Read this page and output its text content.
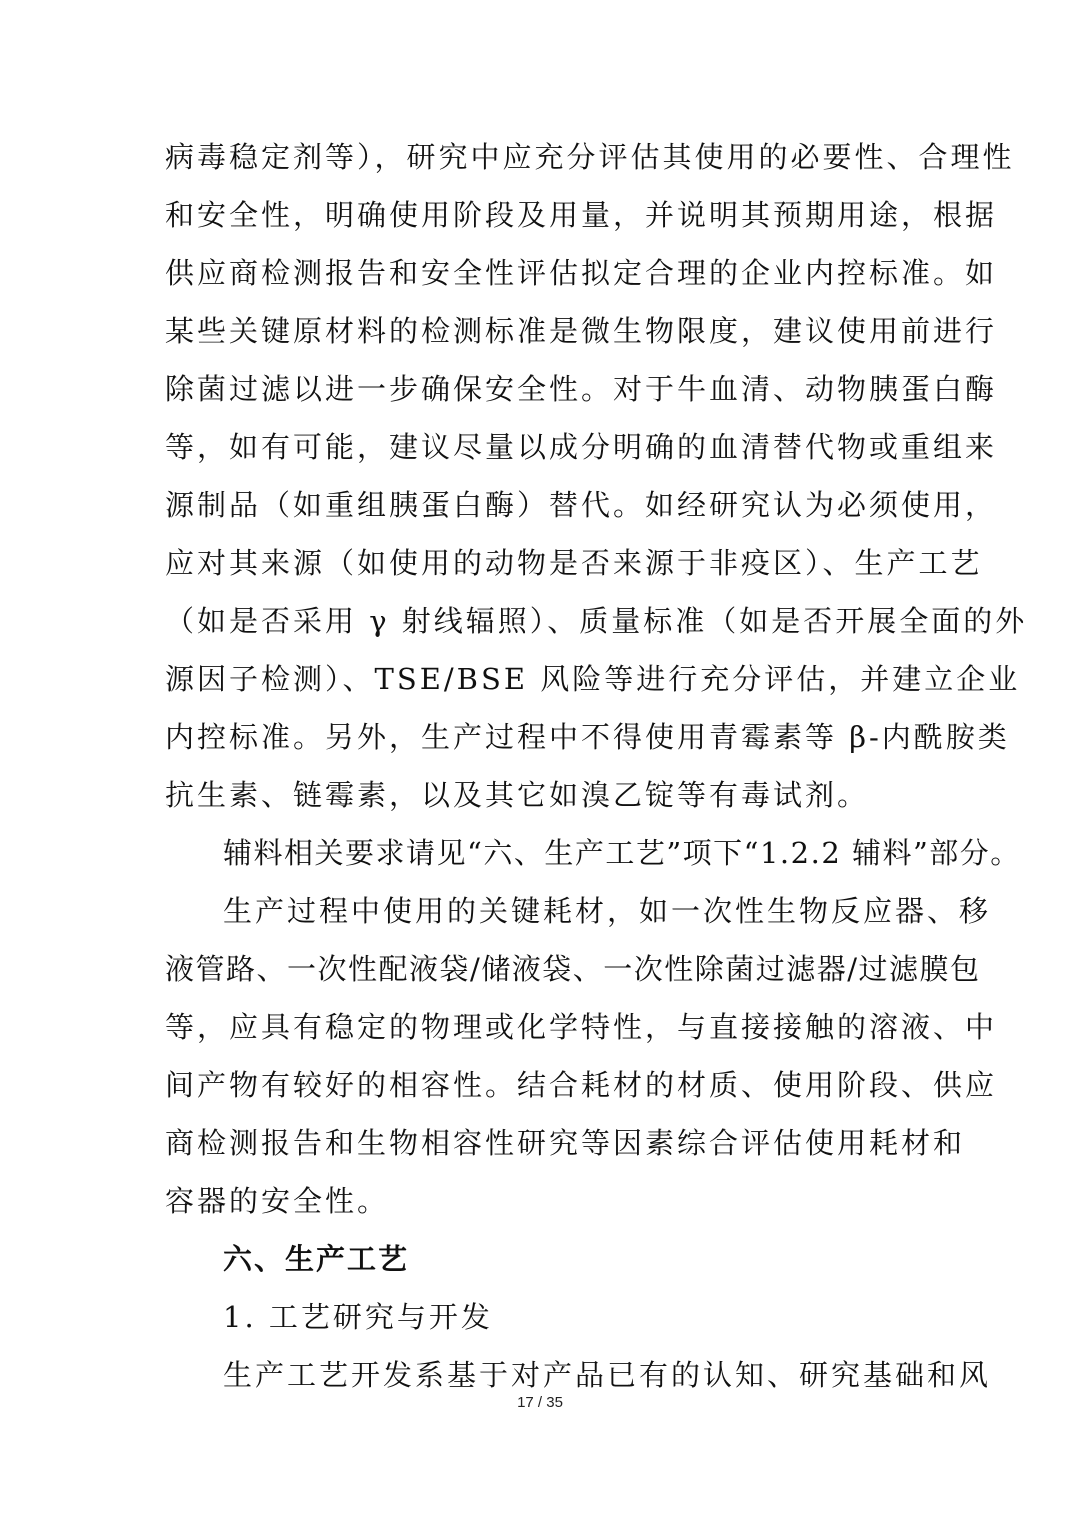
病毒稳定剂等），研究中应充分评估其使用的必要性、合理性
和安全性，明确使用阶段及用量，并说明其预期用途，根据
供应商检测报告和安全性评估拟定合理的企业内控标准。如
某些关键原材料的检测标准是微生物限度，建议使用前进行
除菌过滤以进一步确保安全性。对于牛血清、动物胰蛋白酶
等，如有可能，建议尽量以成分明确的血清替代物或重组来
源制品（如重组胰蛋白酶）替代。如经研究认为必须使用，
应对其来源（如使用的动物是否来源于非疫区）、生产工艺
（如是否采用 γ 射线辐照）、质量标准（如是否开展全面的外
源因子检测）、TSE/BSE 风险等进行充分评估，并建立企业
内控标准。另外，生产过程中不得使用青霉素等 β-内酰胺类
抗生素、链霉素，以及其它如溴乙锭等有毒试剂。
辅料相关要求请见“六、生产工艺”项下“1.2.2 辅料”部分。
生产过程中使用的关键耗材，如一次性生物反应器、移
液管路、一次性配液袋/储液袋、一次性除菌过滤器/过滤膜包
等，应具有稳定的物理或化学特性，与直接接触的溶液、中
间产物有较好的相容性。结合耗材的材质、使用阶段、供应
商检测报告和生物相容性研究等因素综合评估使用耗材和
容器的安全性。
六、生产工艺
1. 工艺研究与开发
生产工艺开发系基于对产品已有的认知、研究基础和风
17 / 35
